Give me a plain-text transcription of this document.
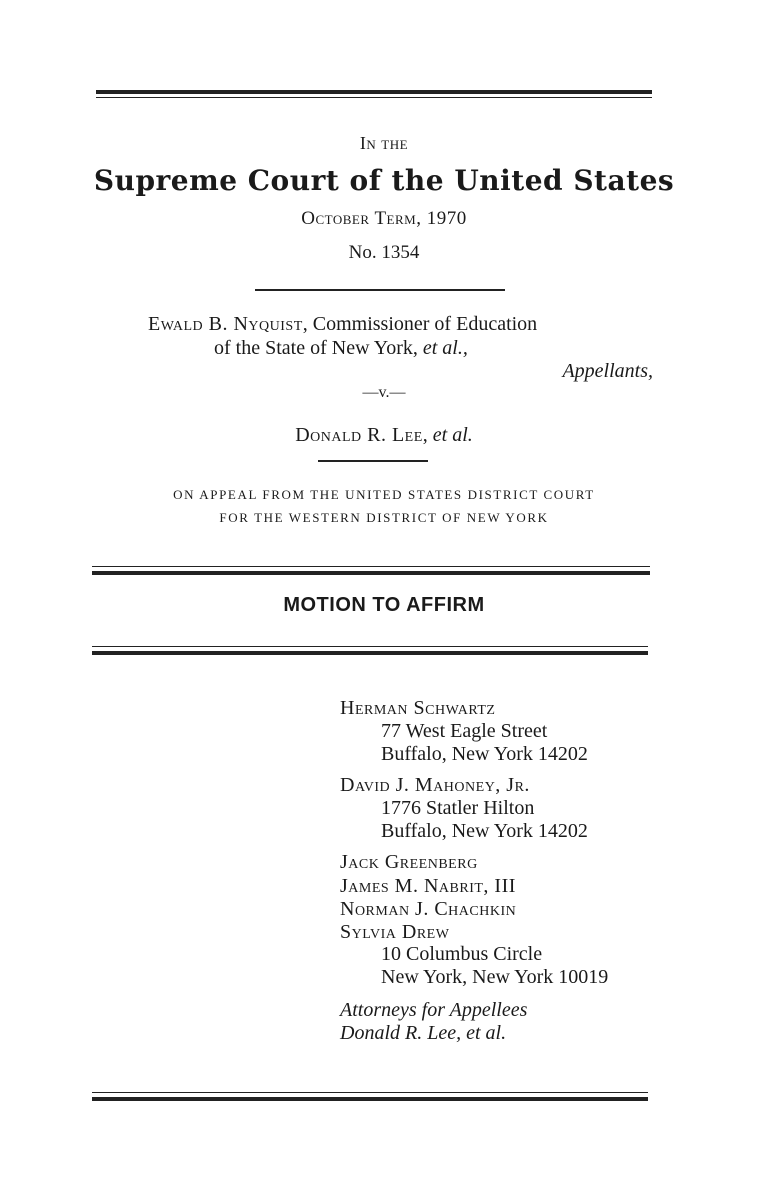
In the
Supreme Court of the United States
October Term, 1970
No. 1354
Ewald B. Nyquist, Commissioner of Education
of the State of New York, et al.,
Appellants,
—v.—
Donald R. Lee, et al.
ON APPEAL FROM THE UNITED STATES DISTRICT COURT
FOR THE WESTERN DISTRICT OF NEW YORK
MOTION TO AFFIRM
Herman Schwartz
77 West Eagle Street
Buffalo, New York 14202
David J. Mahoney, Jr.
1776 Statler Hilton
Buffalo, New York 14202
Jack Greenberg
James M. Nabrit, III
Norman J. Chachkin
Sylvia Drew
10 Columbus Circle
New York, New York 10019
Attorneys for Appellees
Donald R. Lee, et al.
